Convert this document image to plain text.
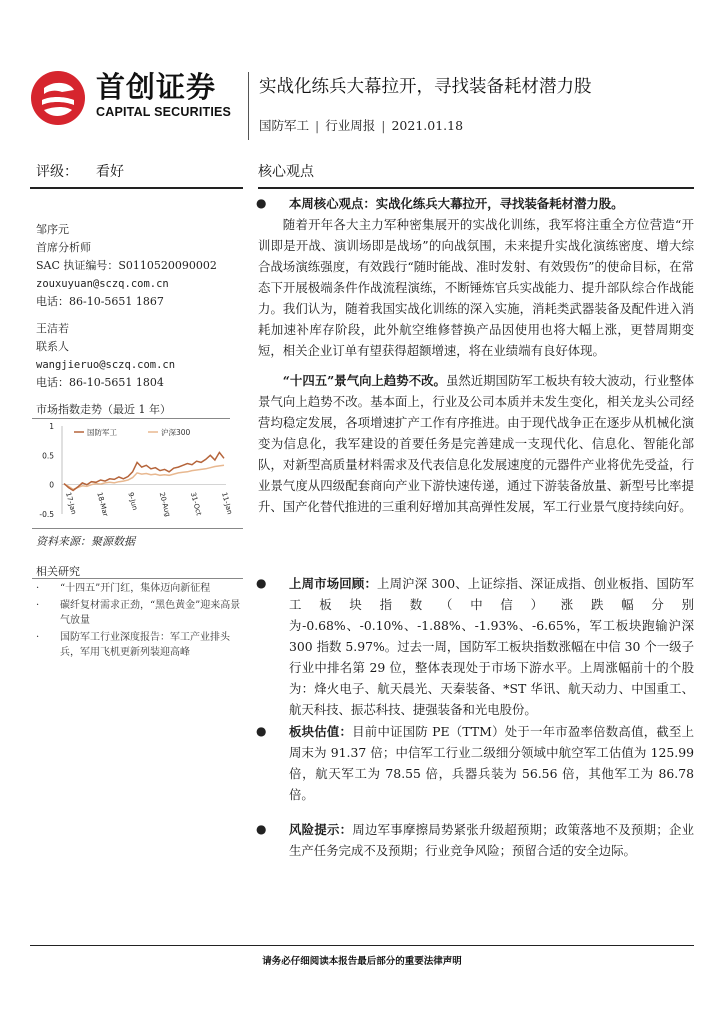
首创证券
CAPITAL SECURITIES
实战化练兵大幕拉开，寻找装备耗材潜力股
国防军工 | 行业周报 | 2021.01.18
评级： 看好	核心观点
邹序元
首席分析师
SAC 执证编号：S0110520090002
zouxuyuan@sczq.com.cn
电话：86-10-5651 1867
王洁若
联系人
wangjieruo@sczq.com.cn
电话：86-10-5651 1804
市场指数走势（最近 1 年）
1
0.5
0
-0.5
国防军工	沪深300
17-Jan	18-Mar 9-Jun	20-Aug 31-Oct 11-Jan
资料来源：聚源数据
相关研究
· “十四五”开门红，集体迈向新征程
· 碳纤复材需求正劲，“黑色黄金”迎来高景气放量
· 国防军工行业深度报告：军工产业排头兵，军用飞机更新列装迎高峰
●	本周核心观点：实战化练兵大幕拉开，寻找装备耗材潜力股。

随着开年各大主力军种密集展开的实战化训练，我军将注重全方位营造“开训即是开战、演训场即是战场”的向战氛围，未来提升实战化演练密度、增大综合战场演练强度，有效践行“随时能战、准时发射、有效毁伤”的使命目标，在常态下开展极端条件作战流程演练，不断锤炼官兵实战能力、提升部队综合作战能力。我们认为，随着我国实战化训练的深入实施，消耗类武器装备及配件进入消耗加速补库存阶段，此外航空维修替换产品因使用也将大幅上涨，更替周期变短，相关企业订单有望获得超额增速，将在业绩端有良好体现。

“十四五”景气向上趋势不改。虽然近期国防军工板块有较大波动，行业整体景气向上趋势不改。基本面上，行业及公司本质并未发生变化，相关龙头公司经营均稳定发展，各项增速扩产工作有序推进。由于现代战争正在逐步从机械化演变为信息化，我军建设的首要任务是完善建成一支现代化、信息化、智能化部队，对新型高质量材料需求及代表信息化发展速度的元器件产业将优先受益，行业景气度从四级配套商向产业下游快速传递，通过下游装备放量、新型号比率提升、国产化替代推进的三重利好增加其高弹性发展，军工行业景气度持续向好。

●	上周市场回顾：上周沪深 300、上证综指、深证成指、创业板指、国防军工板块指数（中信）涨跌幅分别为-0.68%、-0.10%、-1.88%、-1.93%、-6.65%，军工板块跑输沪深 300 指数 5.97%。过去一周，国防军工板块指数涨幅在中信 30 个一级子行业中排名第 29 位，整体表现处于市场下游水平。上周涨幅前十的个股为：烽火电子、航天晨光、天秦装备、*ST 华讯、航天动力、中国重工、航天科技、振芯科技、捷强装备和光电股份。

●	板块估值：目前中证国防 PE（TTM）处于一年市盈率倍数高值，截至上周末为 91.37 倍；中信军工行业二级细分领域中航空军工估值为 125.99 倍，航天军工为 78.55 倍，兵器兵装为 56.56 倍，其他军工为 86.78 倍。

●	风险提示：周边军事摩擦局势紧张升级超预期；政策落地不及预期；企业生产任务完成不及预期；行业竞争风险；预留合适的安全边际。

请务必仔细阅读本报告最后部分的重要法律声明
